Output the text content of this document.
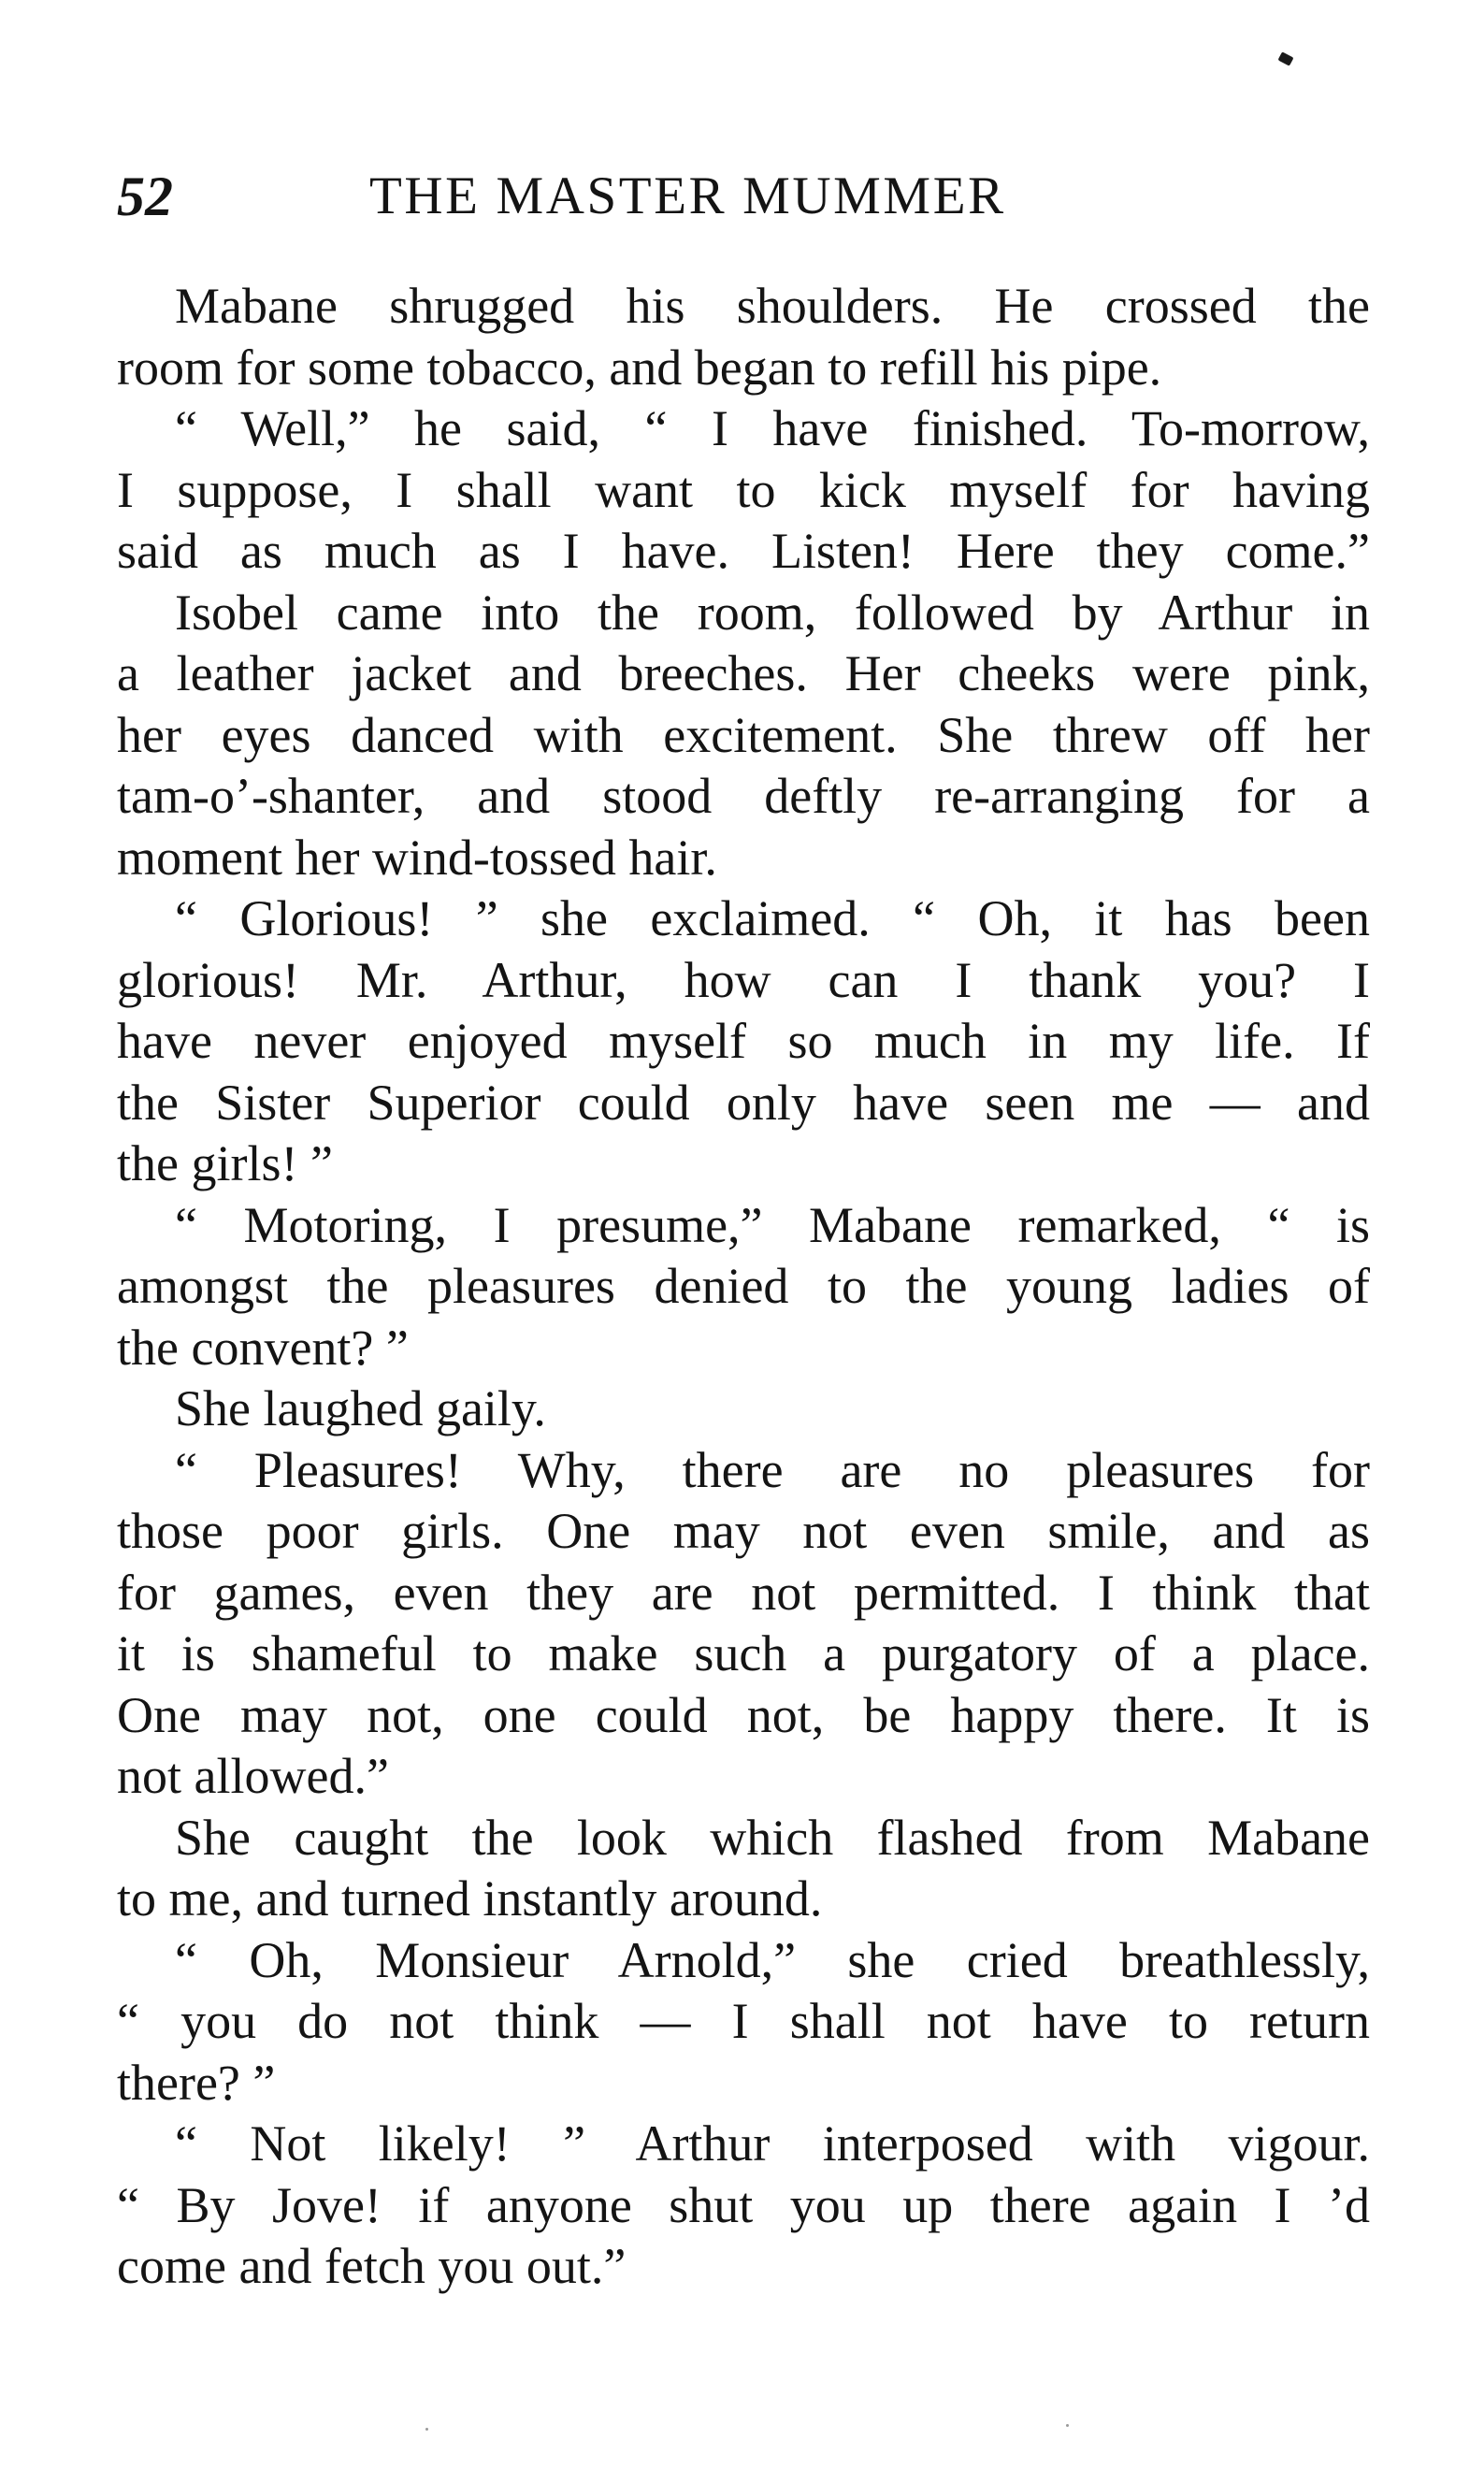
52	THE MASTER MUMMER
Mabane shrugged his shoulders. He crossed the
room for some tobacco, and began to refill his pipe.
“ Well,” he said, “ I have finished. To-morrow,
I suppose, I shall want to kick myself for having
said as much as I have. Listen! Here they come.”
Isobel came into the room, followed by Arthur in
a leather jacket and breeches. Her cheeks were pink,
her eyes danced with excitement. She threw off her
tam-o’-shanter, and stood deftly re-arranging for a
moment her wind-tossed hair.
“ Glorious! ” she exclaimed. “ Oh, it has been
glorious! Mr. Arthur, how can I thank you? I
have never enjoyed myself so much in my life. If
the Sister Superior could only have seen me — and
the girls! ”
“ Motoring, I presume,” Mabane remarked, “ is
amongst the pleasures denied to the young ladies of
the convent? ”
She laughed gaily.
“ Pleasures! Why, there are no pleasures for
those poor girls. One may not even smile, and as
for games, even they are not permitted. I think that
it is shameful to make such a purgatory of a place.
One may not, one could not, be happy there. It is
not allowed.”
She caught the look which flashed from Mabane
to me, and turned instantly around.
“ Oh, Monsieur Arnold,” she cried breathlessly,
“ you do not think — I shall not have to return
there? ”
“ Not likely! ” Arthur interposed with vigour.
“ By Jove! if anyone shut you up there again I ’d
come and fetch you out.”
